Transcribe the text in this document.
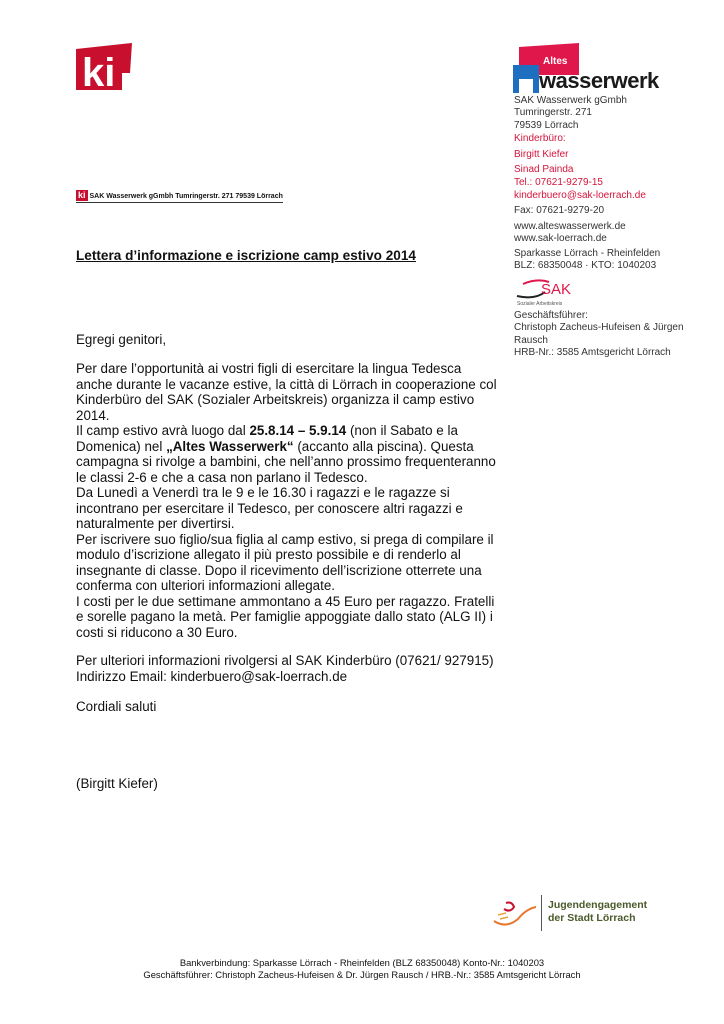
ki
ki SAK Wasserwerk gGmbh Tumringerstr. 271 79539 Lörrach
Altes
wasserwerk
SAK Wasserwerk gGmbh
Tumringerstr. 271
79539 Lörrach
Kinderbüro:
Birgitt Kiefer
Sinad Painda
Tel.: 07621-9279-15
kinderbuero@sak-loerrach.de
Fax: 07621-9279-20
www.alteswasserwerk.de
www.sak-loerrach.de
Sparkasse Lörrach - Rheinfelden
BLZ: 68350048 · KTO: 1040203
SAK
Sozialer Arbeitskreis
Geschäftsführer:
Christoph Zacheus-Hufeisen & Jürgen
Rausch
HRB-Nr.: 3585 Amtsgericht Lörrach
Lettera d’informazione e iscrizione camp estivo 2014
Egregi genitori,
Per dare l’opportunità ai vostri figli di esercitare la lingua Tedesca
anche durante le vacanze estive, la città di Lörrach in cooperazione col
Kinderbüro del SAK (Sozialer Arbeitskreis) organizza il camp estivo
2014.
Il camp estivo avrà luogo dal 25.8.14 – 5.9.14 (non il Sabato e la
Domenica) nel „Altes Wasserwerk“ (accanto alla piscina). Questa
campagna si rivolge a bambini, che nell’anno prossimo frequenteranno
le classi 2-6 e che a casa non parlano il Tedesco.
Da Lunedì a Venerdì tra le 9 e le 16.30 i ragazzi e le ragazze si
incontrano per esercitare il Tedesco, per conoscere altri ragazzi e
naturalmente per divertirsi.
Per iscrivere suo figlio/sua figlia al camp estivo, si prega di compilare il
modulo d’iscrizione allegato il più presto possibile e di renderlo al
insegnante di classe. Dopo il ricevimento dell’iscrizione otterrete una
conferma con ulteriori informazioni allegate.
I costi per le due settimane ammontano a 45 Euro per ragazzo. Fratelli
e sorelle pagano la metà. Per famiglie appoggiate dallo stato (ALG II) i
costi si riducono a 30 Euro.
Per ulteriori informazioni rivolgersi al SAK Kinderbüro (07621/ 927915)
Indirizzo Email: kinderbuero@sak-loerrach.de
Cordiali saluti
(Birgitt Kiefer)
Jugendengagement
der Stadt Lörrach
Bankverbindung: Sparkasse Lörrach - Rheinfelden (BLZ 68350048) Konto-Nr.: 1040203
Geschäftsführer: Christoph Zacheus-Hufeisen & Dr. Jürgen Rausch / HRB.-Nr.: 3585 Amtsgericht Lörrach
